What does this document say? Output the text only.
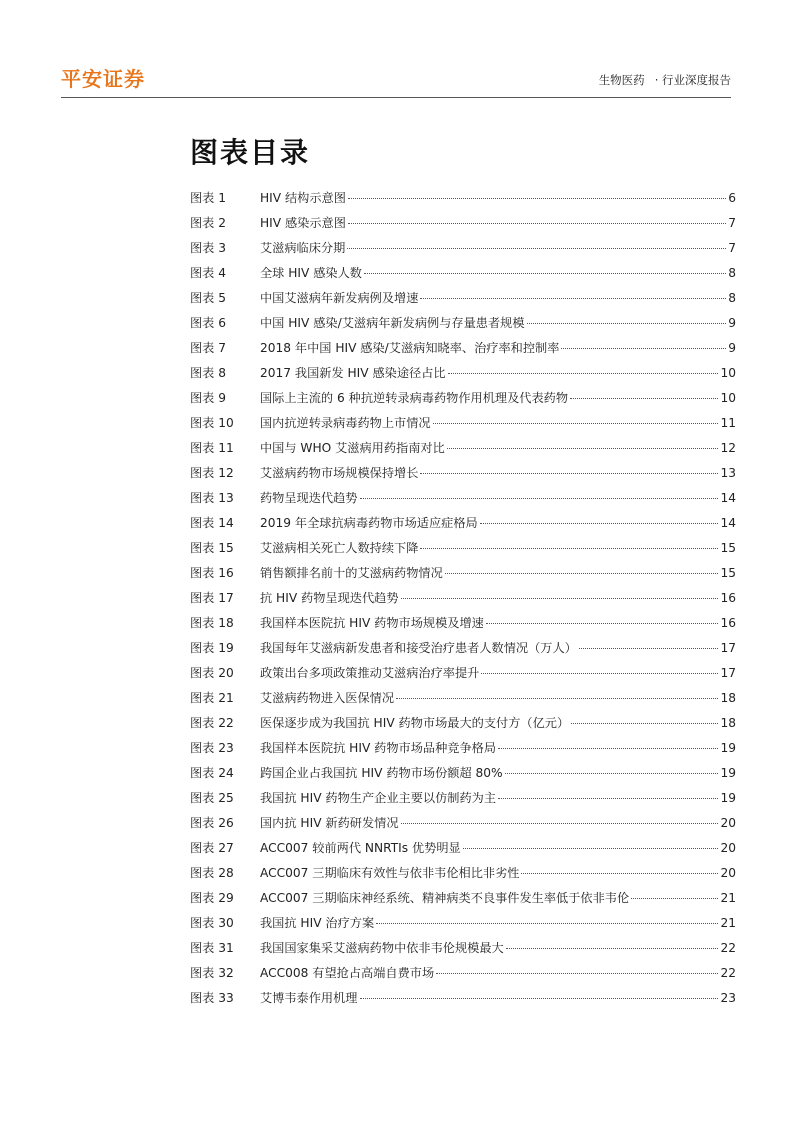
平安证券	生物医药 · 行业深度报告
图表目录
图表 1	HIV 结构示意图	6
图表 2	HIV 感染示意图	7
图表 3	艾滋病临床分期	7
图表 4	全球 HIV 感染人数	8
图表 5	中国艾滋病年新发病例及增速	8
图表 6	中国 HIV 感染/艾滋病年新发病例与存量患者规模	9
图表 7	2018 年中国 HIV 感染/艾滋病知晓率、治疗率和控制率	9
图表 8	2017 我国新发 HIV 感染途径占比	10
图表 9	国际上主流的 6 种抗逆转录病毒药物作用机理及代表药物	10
图表 10	国内抗逆转录病毒药物上市情况	11
图表 11	中国与 WHO 艾滋病用药指南对比	12
图表 12	艾滋病药物市场规模保持增长	13
图表 13	药物呈现迭代趋势	14
图表 14	2019 年全球抗病毒药物市场适应症格局	14
图表 15	艾滋病相关死亡人数持续下降	15
图表 16	销售额排名前十的艾滋病药物情况	15
图表 17	抗 HIV 药物呈现迭代趋势	16
图表 18	我国样本医院抗 HIV 药物市场规模及增速	16
图表 19	我国每年艾滋病新发患者和接受治疗患者人数情况（万人）	17
图表 20	政策出台多项政策推动艾滋病治疗率提升	17
图表 21	艾滋病药物进入医保情况	18
图表 22	医保逐步成为我国抗 HIV 药物市场最大的支付方（亿元）	18
图表 23	我国样本医院抗 HIV 药物市场品种竞争格局	19
图表 24	跨国企业占我国抗 HIV 药物市场份额超 80%	19
图表 25	我国抗 HIV 药物生产企业主要以仿制药为主	19
图表 26	国内抗 HIV 新药研发情况	20
图表 27	ACC007 较前两代 NNRTIs 优势明显	20
图表 28	ACC007 三期临床有效性与依非韦伦相比非劣性	20
图表 29	ACC007 三期临床神经系统、精神病类不良事件发生率低于依非韦伦	21
图表 30	我国抗 HIV 治疗方案	21
图表 31	我国国家集采艾滋病药物中依非韦伦规模最大	22
图表 32	ACC008 有望抢占高端自费市场	22
图表 33	艾博韦泰作用机理	23
